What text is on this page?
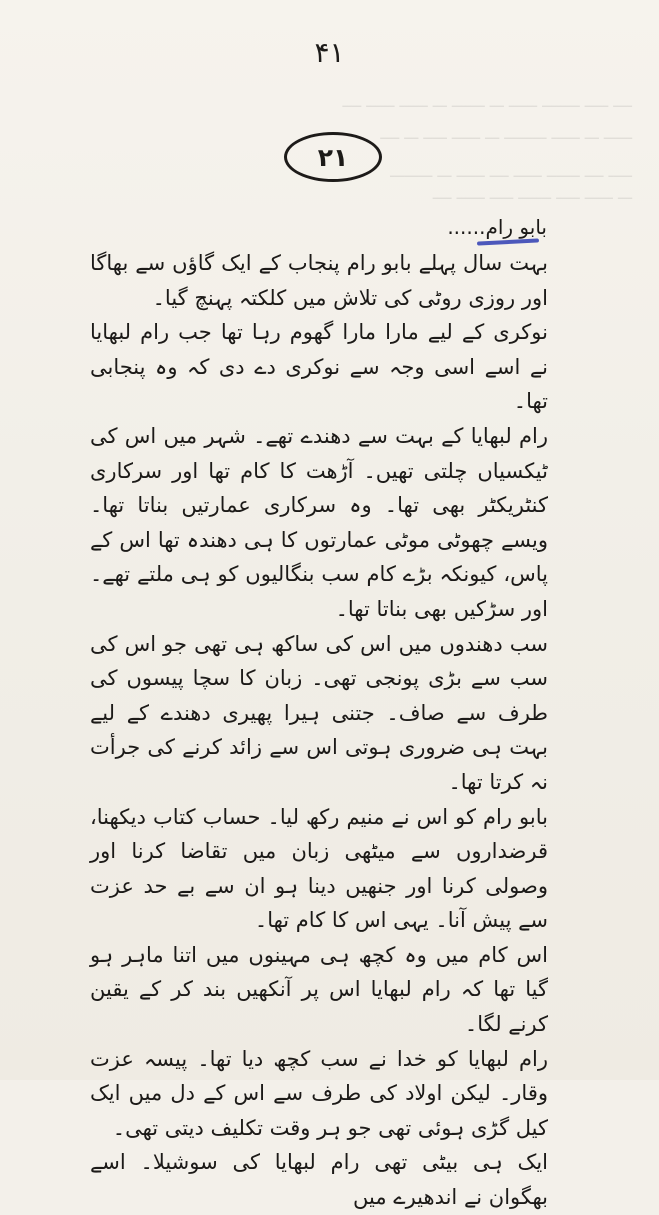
ــــ ـــــ ــــــــ ــــــ ـــ ـــــــ ـــ ــــــ ــــــ ــــ
ــــــ ـــ ــــــ ـــــــــ ـــ ــــــ ـــــ ـــ ــــ
ـــــ ــــ ـــــــ ــــــ ــــ ــــــ ـــ ـــــــــ
ـــ ــــــ ـــــ ـــــــ ـــــ ــــــ ــــ
۴۱
۲۱
بابو رام......

بہت سال پہلے بابو رام پنجاب کے ایک گاؤں سے بھاگا اور روزی روٹی کی تلاش میں کلکتہ پہنچ گیا۔

نوکری کے لیے مارا مارا گھوم رہا تھا جب رام لبھایا نے اسے اسی وجہ سے نوکری دے دی کہ وہ پنجابی تھا۔

رام لبھایا کے بہت سے دھندے تھے۔ شہر میں اس کی ٹیکسیاں چلتی تھیں۔ آڑھت کا کام تھا اور سرکاری کنٹریکٹر بھی تھا۔ وہ سرکاری عمارتیں بناتا تھا۔ ویسے چھوٹی موٹی عمارتوں کا ہی دھندہ تھا اس کے پاس، کیونکہ بڑے کام سب بنگالیوں کو ہی ملتے تھے۔ اور سڑکیں بھی بناتا تھا۔

سب دھندوں میں اس کی ساکھ ہی تھی جو اس کی سب سے بڑی پونجی تھی۔ زبان کا سچا پیسوں کی طرف سے صاف۔ جتنی ہیرا پھیری دھندے کے لیے بہت ہی ضروری ہوتی اس سے زائد کرنے کی جرأت نہ کرتا تھا۔

بابو رام کو اس نے منیم رکھ لیا۔ حساب کتاب دیکھنا، قرضداروں سے میٹھی زبان میں تقاضا کرنا اور وصولی کرنا اور جنھیں دینا ہو ان سے بے حد عزت سے پیش آنا۔ یہی اس کا کام تھا۔

اس کام میں وہ کچھ ہی مہینوں میں اتنا ماہر ہو گیا تھا کہ رام لبھایا اس پر آنکھیں بند کر کے یقین کرنے لگا۔

رام لبھایا کو خدا نے سب کچھ دیا تھا۔ پیسہ عزت وقار۔ لیکن اولاد کی طرف سے اس کے دل میں ایک کیل گڑی ہوئی تھی جو ہر وقت تکلیف دیتی تھی۔

ایک ہی بیٹی تھی رام لبھایا کی سوشیلا۔ اسے بھگوان نے اندھیرے میں
